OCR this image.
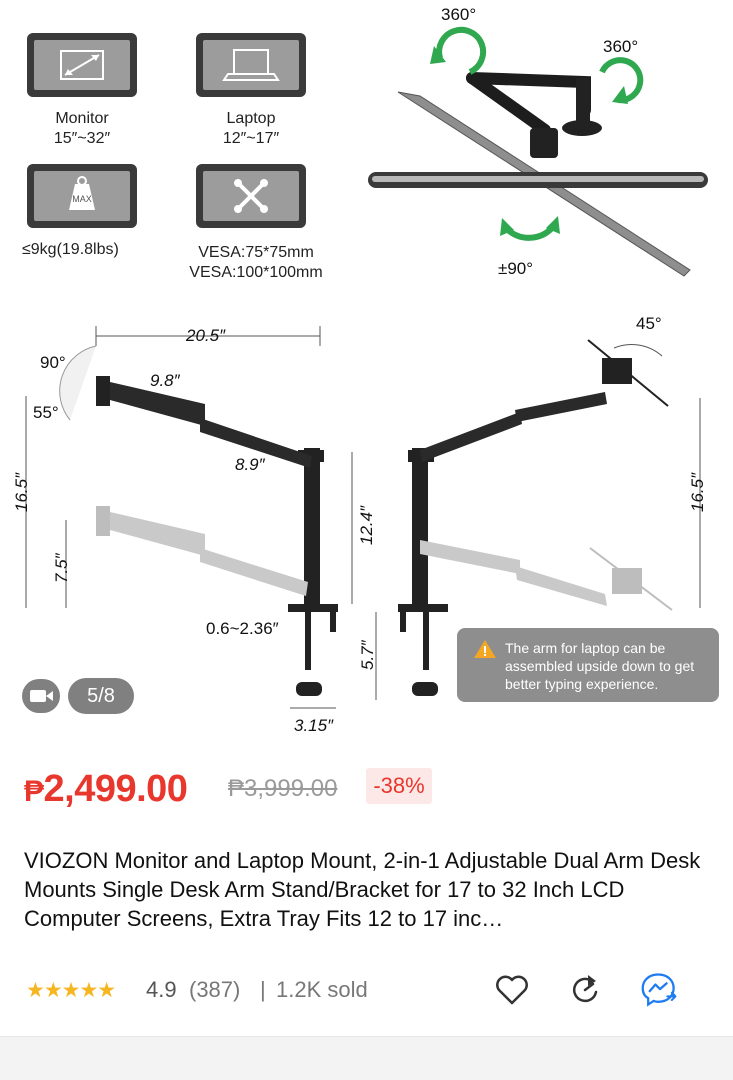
Monitor
15″~32″
Laptop
12″~17″
MAX
≤9kg(19.8lbs)	VESA:75*75mm
VESA:100*100mm
360°
360°
±90°
20.5″
90°
55°
9.8″
8.9″
16.5″
7.5″
12.4″
0.6~2.36″
5.7″
3.15″
45°
16.5″
The arm for laptop can be assembled upside down to get better typing experience.
5/8
₱2,499.00 ₱3,999.00	-38%
VIOZON Monitor and Laptop Mount, 2-in-1 Adjustable Dual Arm Desk Mounts Single Desk Arm Stand/Bracket for 17 to 32 Inch LCD Computer Screens, Extra Tray Fits 12 to 17 inc…
★★★★★ 4.9 (387) | 1.2K sold
